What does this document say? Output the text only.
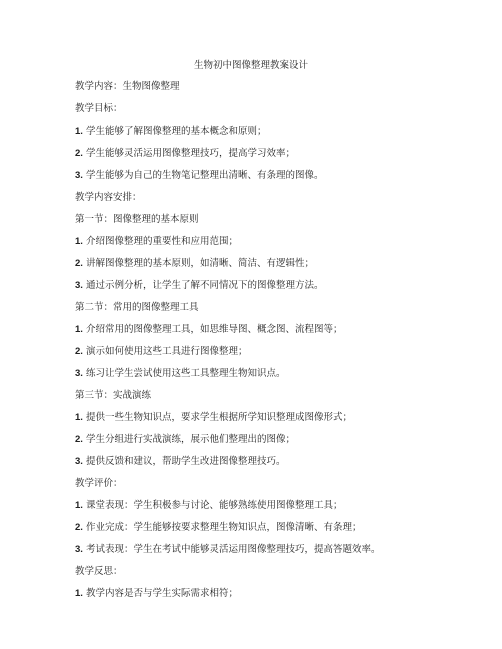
生物初中图像整理教案设计
教学内容：生物图像整理
教学目标：
1. 学生能够了解图像整理的基本概念和原则；
2. 学生能够灵活运用图像整理技巧，提高学习效率；
3. 学生能够为自己的生物笔记整理出清晰、有条理的图像。
教学内容安排：
第一节：图像整理的基本原则
1. 介绍图像整理的重要性和应用范围；
2. 讲解图像整理的基本原则，如清晰、简洁、有逻辑性；
3. 通过示例分析，让学生了解不同情况下的图像整理方法。
第二节：常用的图像整理工具
1. 介绍常用的图像整理工具，如思维导图、概念图、流程图等；
2. 演示如何使用这些工具进行图像整理；
3. 练习让学生尝试使用这些工具整理生物知识点。
第三节：实战演练
1. 提供一些生物知识点，要求学生根据所学知识整理成图像形式；
2. 学生分组进行实战演练，展示他们整理出的图像；
3. 提供反馈和建议，帮助学生改进图像整理技巧。
教学评价：
1. 课堂表现：学生积极参与讨论、能够熟练使用图像整理工具；
2. 作业完成：学生能够按要求整理生物知识点，图像清晰、有条理；
3. 考试表现：学生在考试中能够灵活运用图像整理技巧，提高答题效率。
教学反思：
1. 教学内容是否与学生实际需求相符；
